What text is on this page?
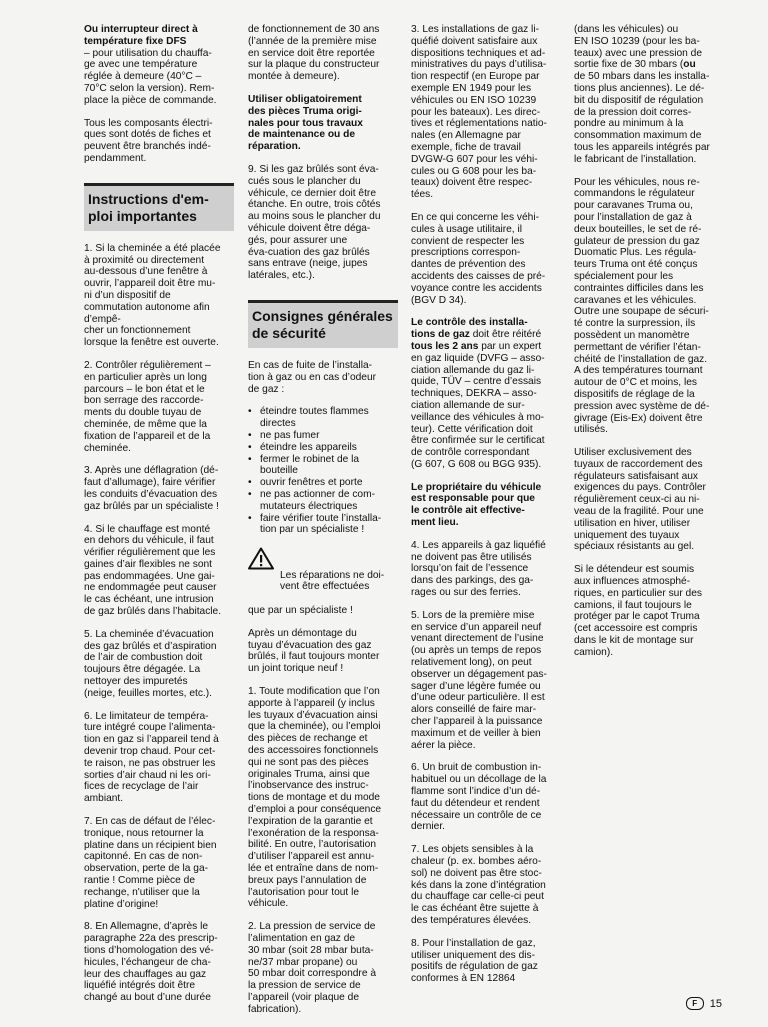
Ou interrupteur direct à
température fixe DFS
– pour utilisation du chauffa-
ge avec une température
réglée à demeure (40°C –
70°C selon la version). Rem-
place la pièce de commande.

Tous les composants électri-
ques sont dotés de fiches et
peuvent être branchés indé-
pendamment.

Instructions d'em-
ploi importantes

1. Si la cheminée a été placée
à proximité ou directement
au-dessous d’une fenêtre à
ouvrir, l’appareil doit être mu-
ni d’un dispositif de
commutation autonome afin d’empê-
cher un fonctionnement
lorsque la fenêtre est ouverte.

2. Contrôler régulièrement –
en particulier après un long
parcours – le bon état et le
bon serrage des raccorde-
ments du double tuyau de
cheminée, de même que la
fixation de l’appareil et de la
cheminée.

3. Après une déflagration (dé-
faut d’allumage), faire vérifier
les conduits d’évacuation des
gaz brûlés par un spécialiste !

4. Si le chauffage est monté
en dehors du véhicule, il faut
vérifier régulièrement que les
gaines d’air flexibles ne sont
pas endommagées. Une gai-
ne endommagée peut causer
le cas échéant, une intrusion
de gaz brûlés dans l’habitacle.

5. La cheminée d’évacuation
des gaz brûlés et d’aspiration
de l’air de combustion doit
toujours être dégagée. La
nettoyer des impuretés
(neige, feuilles mortes, etc.).

6. Le limitateur de tempéra-
ture intégré coupe l’alimenta-
tion en gaz si l’appareil tend à
devenir trop chaud. Pour cet-
te raison, ne pas obstruer les
sorties d’air chaud ni les ori-
fices de recyclage de l’air
ambiant.

7. En cas de défaut de l’élec-
tronique, nous retourner la
platine dans un récipient bien
capitonné. En cas de non-
observation, perte de la ga-
rantie ! Comme pièce de
rechange, n'utiliser que la
platine d’origine!

8. En Allemagne, d’après le
paragraphe 22a des prescrip-
tions d’homologation des vé-
hicules, l’échangeur de cha-
leur des chauffages au gaz
liquéfié intégrés doit être
changé au bout d’une durée

de fonctionnement de 30 ans
(l’année de la première mise
en service doit être reportée
sur la plaque du constructeur
montée à demeure).

Utiliser obligatoirement
des pièces Truma origi-
nales pour tous travaux
de maintenance ou de
réparation.

9. Si les gaz brûlés sont éva-
cués sous le plancher du
véhicule, ce dernier doit être
étanche. En outre, trois côtés
au moins sous le plancher du
véhicule doivent être dégа-
gés, pour assurer une
éva-cuation des gaz brûlés
sans entrave (neige, jupes
latérales, etc.).

Consignes générales
de sécurité

En cas de fuite de l’installa-
tion à gaz ou en cas d’odeur
de gaz :

• éteindre toutes flammes
directes
• ne pas fumer
• éteindre les appareils
• fermer le robinet de la
bouteille
• ouvrir fenêtres et porte
• ne pas actionner de com-
mutateurs électriques
• faire vérifier toute l’installa-
tion par un spécialiste !

Les réparations ne doi-
vent être effectuées

que par un spécialiste !

Après un démontage du
tuyau d’évacuation des gaz
brûlés, il faut toujours monter
un joint torique neuf !

1. Toute modification que l’on
apporte à l’appareil (y inclus
les tuyaux d’évacuation ainsi
que la cheminée), ou l’emploi
des pièces de rechange et
des accessoires fonctionnels
qui ne sont pas des pièces
originales Truma, ainsi que
l’inobservance des instruc-
tions de montage et du mode
d’emploi a pour conséquence
l’expiration de la garantie et
l’exonération de la responsa-
bilité. En outre, l’autorisation
d’utiliser l’appareil est annu-
lée et entraîne dans de nom-
breux pays l’annulation de
l’autorisation pour tout le
véhicule.

2. La pression de service de
l’alimentation en gaz de
30 mbar (soit 28 mbar buta-
ne/37 mbar propane) ou
50 mbar doit correspondre à
la pression de service de
l’appareil (voir plaque de
fabrication).

3. Les installations de gaz li-
quéfié doivent satisfaire aux
dispositions techniques et ad-
ministratives du pays d’utilisa-
tion respectif (en Europe par
exemple EN 1949 pour les
véhicules ou EN ISO 10239
pour les bateaux). Les direc-
tives et réglementations natio-
nales (en Allemagne par
exemple, fiche de travail
DVGW-G 607 pour les véhi-
cules ou G 608 pour les ba-
teaux) doivent être respec-
tées.

En ce qui concerne les véhi-
cules à usage utilitaire, il
convient de respecter les
prescriptions correspon-
dantes de prévention des
accidents des caisses de pré-
voyance contre les accidents
(BGV D 34).

Le contrôle des installa-
tions de gaz doit être réitéré
tous les 2 ans par un expert
en gaz liquide (DVFG – asso-
ciation allemande du gaz li-
quide, TÜV – centre d’essais
techniques, DEKRA – asso-
ciation allemande de sur-
veillance des véhicules à mo-
teur). Cette vérification doit
être confirmée sur le certificat
de contrôle correspondant
(G 607, G 608 ou BGG 935).

Le propriétaire du véhicule
est responsable pour que
le contrôle ait effective-
ment lieu.

4. Les appareils à gaz liquéfié
ne doivent pas être utilisés
lorsqu’on fait de l’essence
dans des parkings, des ga-
rages ou sur des ferries.

5. Lors de la première mise
en service d’un appareil neuf
venant directement de l’usine
(ou après un temps de repos
relativement long), on peut
observer un dégagement pas-
sager d’une légère fumée ou
d’une odeur particulière. Il est
alors conseillé de faire mar-
cher l’appareil à la puissance
maximum et de veiller à bien
aérer la pièce.

6. Un bruit de combustion in-
habituel ou un décollage de la
flamme sont l’indice d’un dé-
faut du détendeur et rendent
nécessaire un contrôle de ce
dernier.

7. Les objets sensibles à la
chaleur (p. ex. bombes aéro-
sol) ne doivent pas être stoc-
kés dans la zone d’intégration
du chauffage car celle-ci peut
le cas échéant être sujette à
des températures élevées.

8. Pour l’installation de gaz,
utiliser uniquement des dis-
positifs de régulation de gaz
conformes à EN 12864

(dans les véhicules) ou
EN ISO 10239 (pour les ba-
teaux) avec une pression de
sortie fixe de 30 mbars (ou
de 50 mbars dans les installa-
tions plus anciennes). Le dé-
bit du dispositif de régulation
de la pression doit corres-
pondre au minimum à la
consommation maximum de
tous les appareils intégrés par
le fabricant de l’installation.

Pour les véhicules, nous re-
commandons le régulateur
pour caravanes Truma ou,
pour l’installation de gaz à
deux bouteilles, le set de ré-
gulateur de pression du gaz
Duomatic Plus. Les régula-
teurs Truma ont été conçus
spécialement pour les
contraintes difficiles dans les
caravanes et les véhicules.
Outre une soupape de sécuri-
té contre la surpression, ils
possèdent un manomètre
permettant de vérifier l’étan-
chéité de l’installation de gaz.
A des températures tournant
autour de 0°C et moins, les
dispositifs de réglage de la
pression avec système de dé-
givrage (Eis-Ex) doivent être
utilisés.

Utiliser exclusivement des
tuyaux de raccordement des
régulateurs satisfaisant aux
exigences du pays. Contrôler
régulièrement ceux-ci au ni-
veau de la fragilité. Pour une
utilisation en hiver, utiliser
uniquement des tuyaux
spéciaux résistants au gel.

Si le détendeur est soumis
aux influences atmosphé-
riques, en particulier sur des
camions, il faut toujours le
protéger par le capot Truma
(cet accessoire est compris
dans le kit de montage sur
camion).

F	15
